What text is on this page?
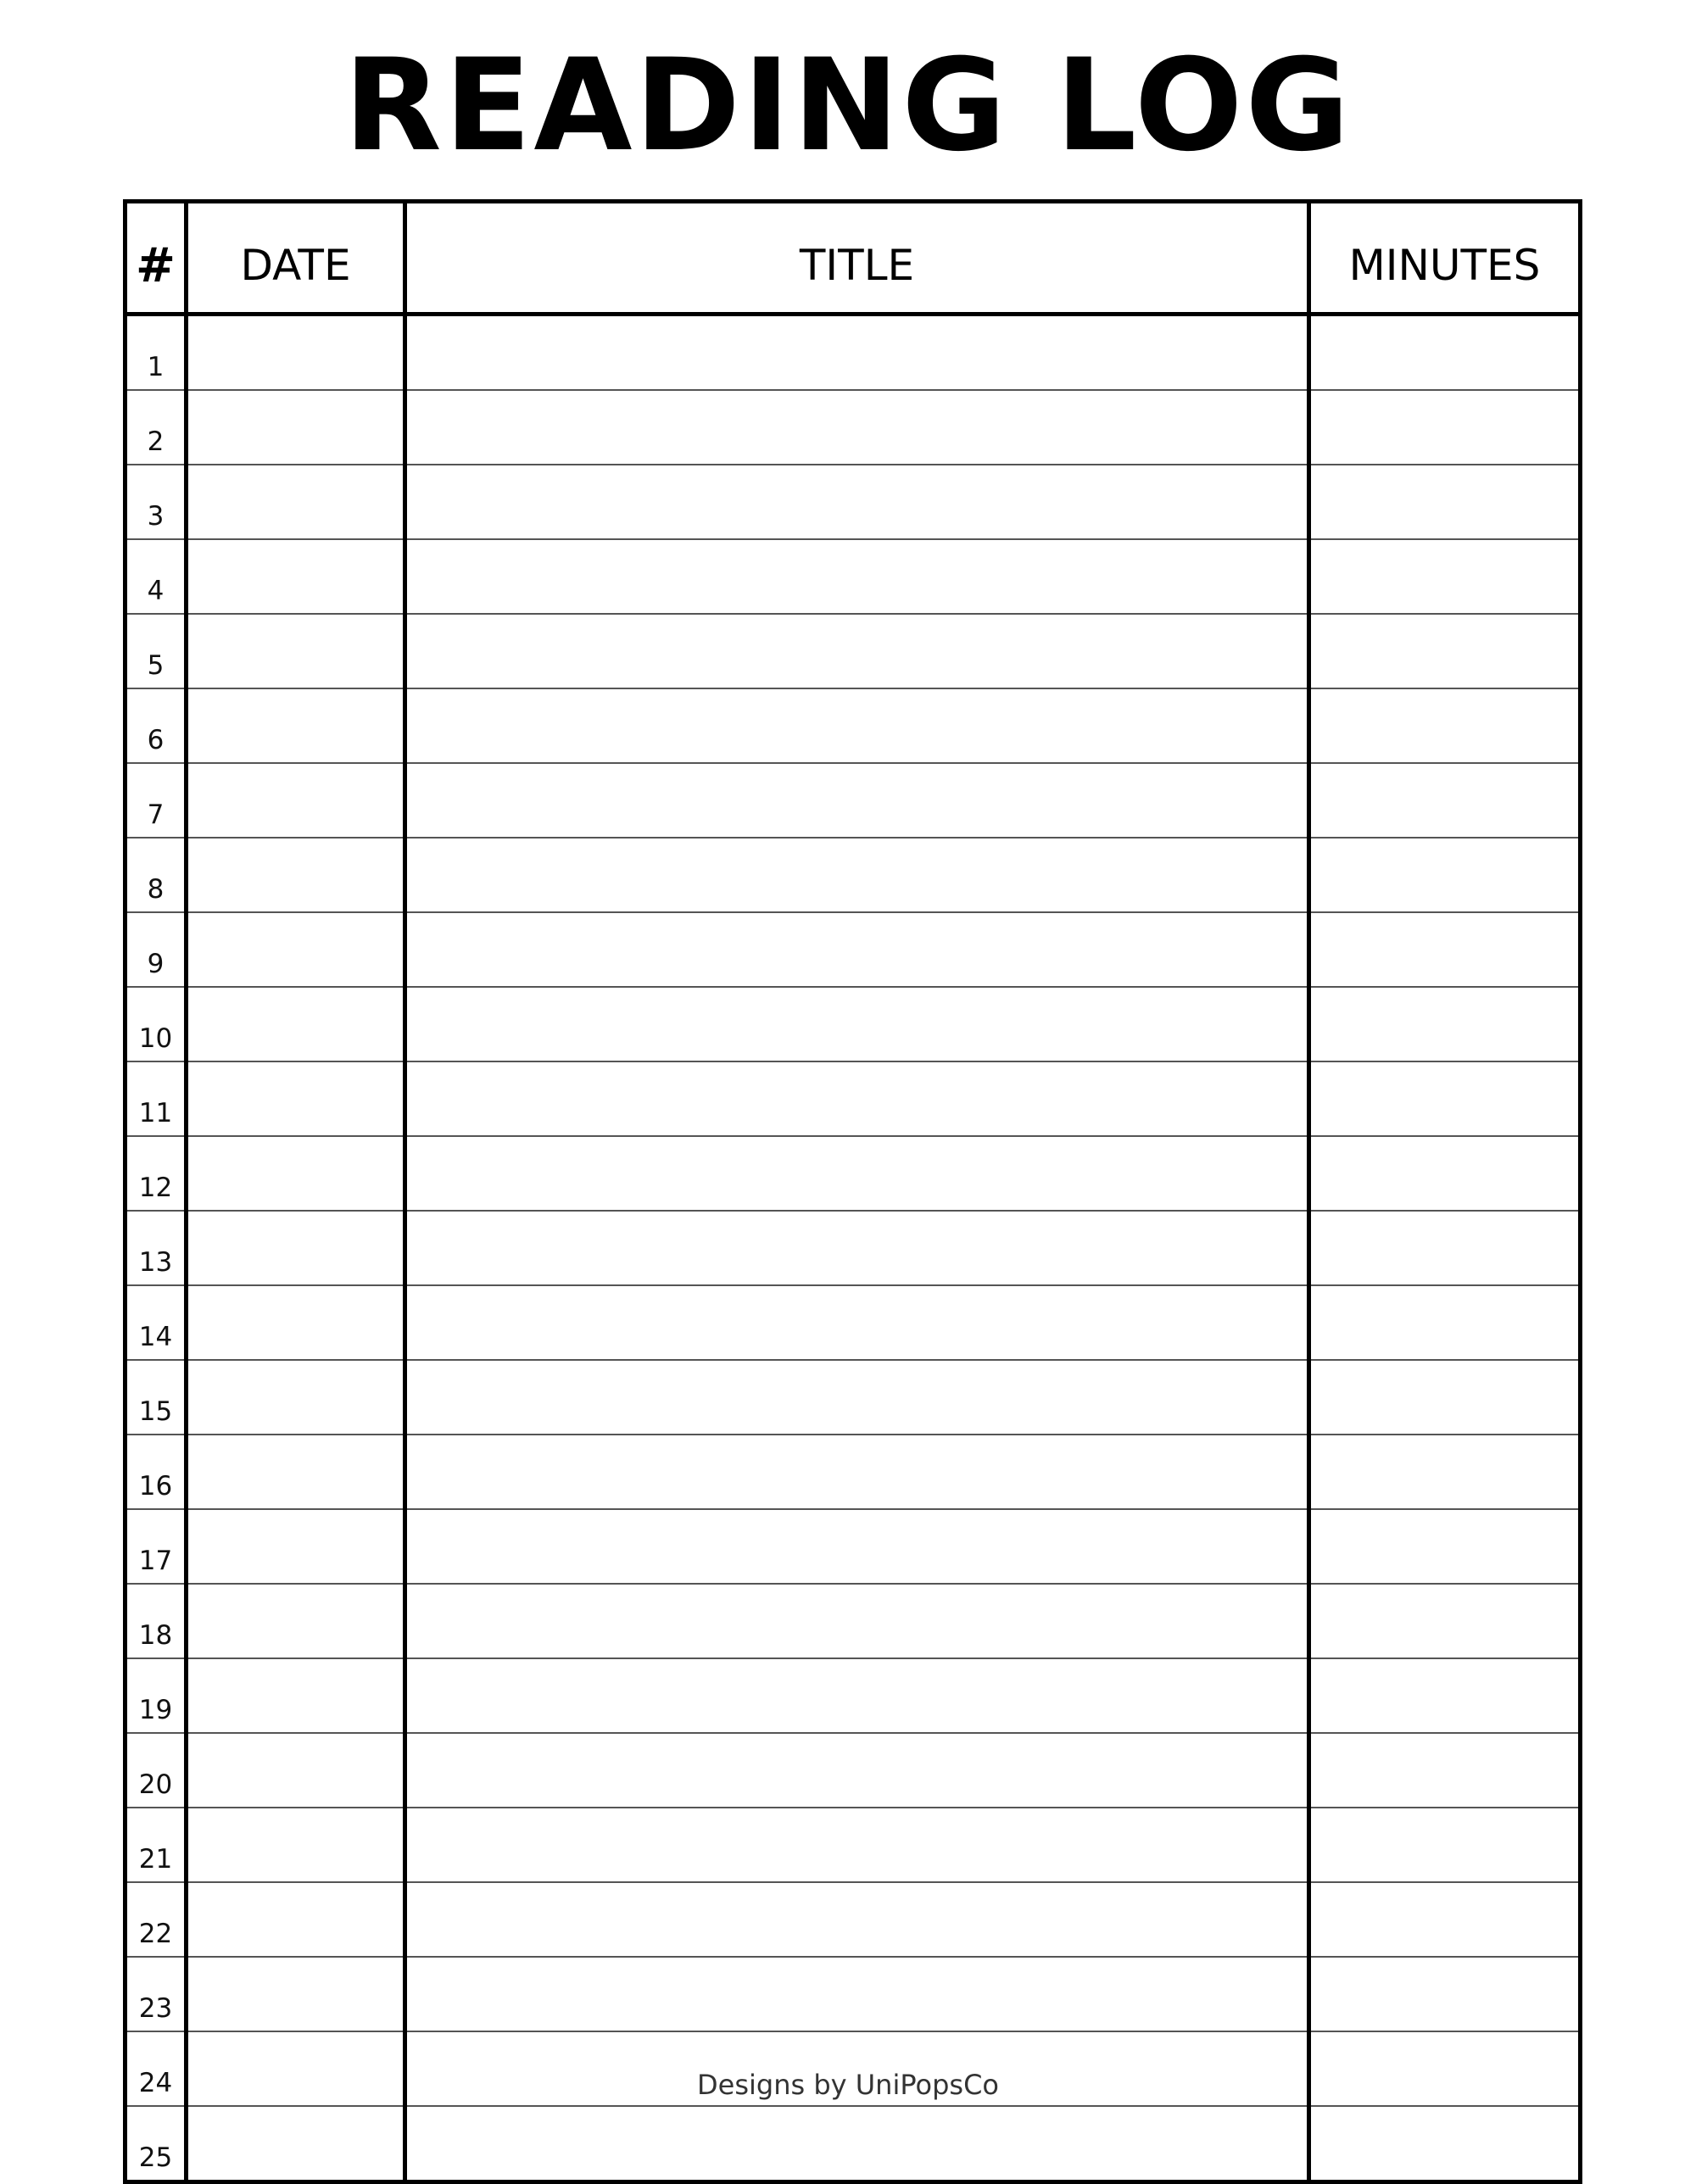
READING LOG
#	DATE	TITLE	MINUTES
1			
2			
3			
4			
5			
6			
7			
8			
9			
10			
11			
12			
13			
14			
15			
16			
17			
18			
19			
20			
21			
22			
23			
24			
25			
Designs by UniPopsCo
